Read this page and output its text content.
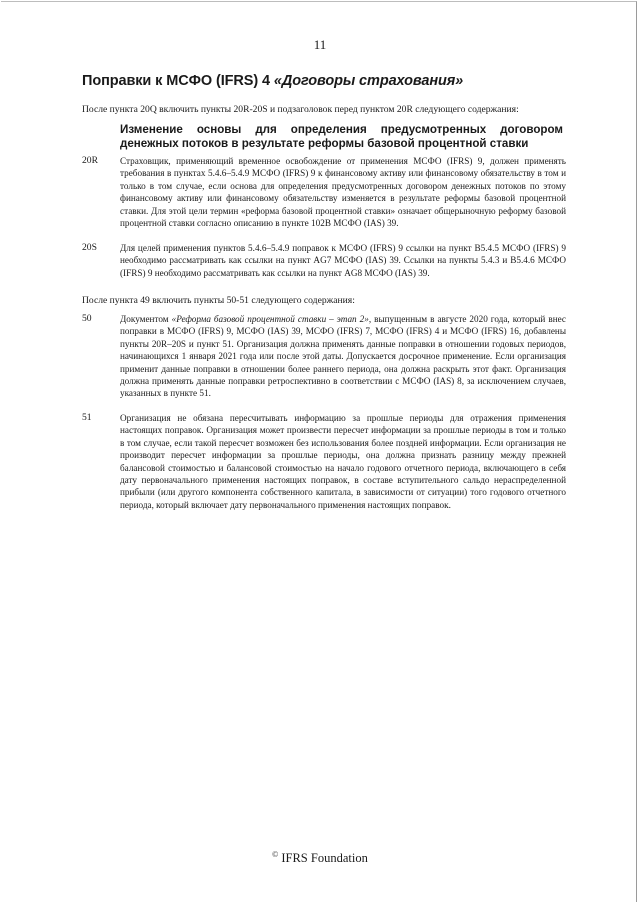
11
Поправки к МСФО (IFRS) 4 «Договоры страхования»
После пункта 20Q включить пункты 20R-20S и подзаголовок перед пунктом 20R следующего содержания:
Изменение основы для определения предусмотренных договором
денежных потоков в результате реформы базовой процентной ставки
20R	Страховщик, применяющий временное освобождение от применения МСФО (IFRS) 9, должен применять требования в пунктах 5.4.6–5.4.9 МСФО (IFRS) 9 к финансовому активу или финансовому обязательству в том и только в том случае, если основа для определения предусмотренных договором денежных потоков по этому финансовому активу или финансовому обязательству изменяется в результате реформы базовой процентной ставки. Для этой цели термин «реформа базовой процентной ставки» означает общерыночную реформу базовой процентной ставки согласно описанию в пункте 102B МСФО (IAS) 39.
20S	Для целей применения пунктов 5.4.6–5.4.9 поправок к МСФО (IFRS) 9 ссылки на пункт B5.4.5 МСФО (IFRS) 9 необходимо рассматривать как ссылки на пункт AG7 МСФО (IAS) 39. Ссылки на пункты 5.4.3 и B5.4.6 МСФО (IFRS) 9 необходимо рассматривать как ссылки на пункт AG8 МСФО (IAS) 39.
После пункта 49 включить пункты 50-51 следующего содержания:
50	Документом «Реформа базовой процентной ставки – этап 2», выпущенным в августе 2020 года, который внес поправки в МСФО (IFRS) 9, МСФО (IAS) 39, МСФО (IFRS) 7, МСФО (IFRS) 4 и МСФО (IFRS) 16, добавлены пункты 20R–20S и пункт 51. Организация должна применять данные поправки в отношении годовых периодов, начинающихся 1 января 2021 года или после этой даты. Допускается досрочное применение. Если организация применит данные поправки в отношении более раннего периода, она должна раскрыть этот факт. Организация должна применять данные поправки ретроспективно в соответствии с МСФО (IAS) 8, за исключением случаев, указанных в пункте 51.
51	Организация не обязана пересчитывать информацию за прошлые периоды для отражения применения настоящих поправок. Организация может произвести пересчет информации за прошлые периоды в том и только в том случае, если такой пересчет возможен без использования более поздней информации. Если организация не производит пересчет информации за прошлые периоды, она должна признать разницу между прежней балансовой стоимостью и балансовой стоимостью на начало годового отчетного периода, включающего в себя дату первоначального применения настоящих поправок, в составе вступительного сальдо нераспределенной прибыли (или другого компонента собственного капитала, в зависимости от ситуации) того годового отчетного периода, который включает дату первоначального применения настоящих поправок.
© IFRS Foundation
